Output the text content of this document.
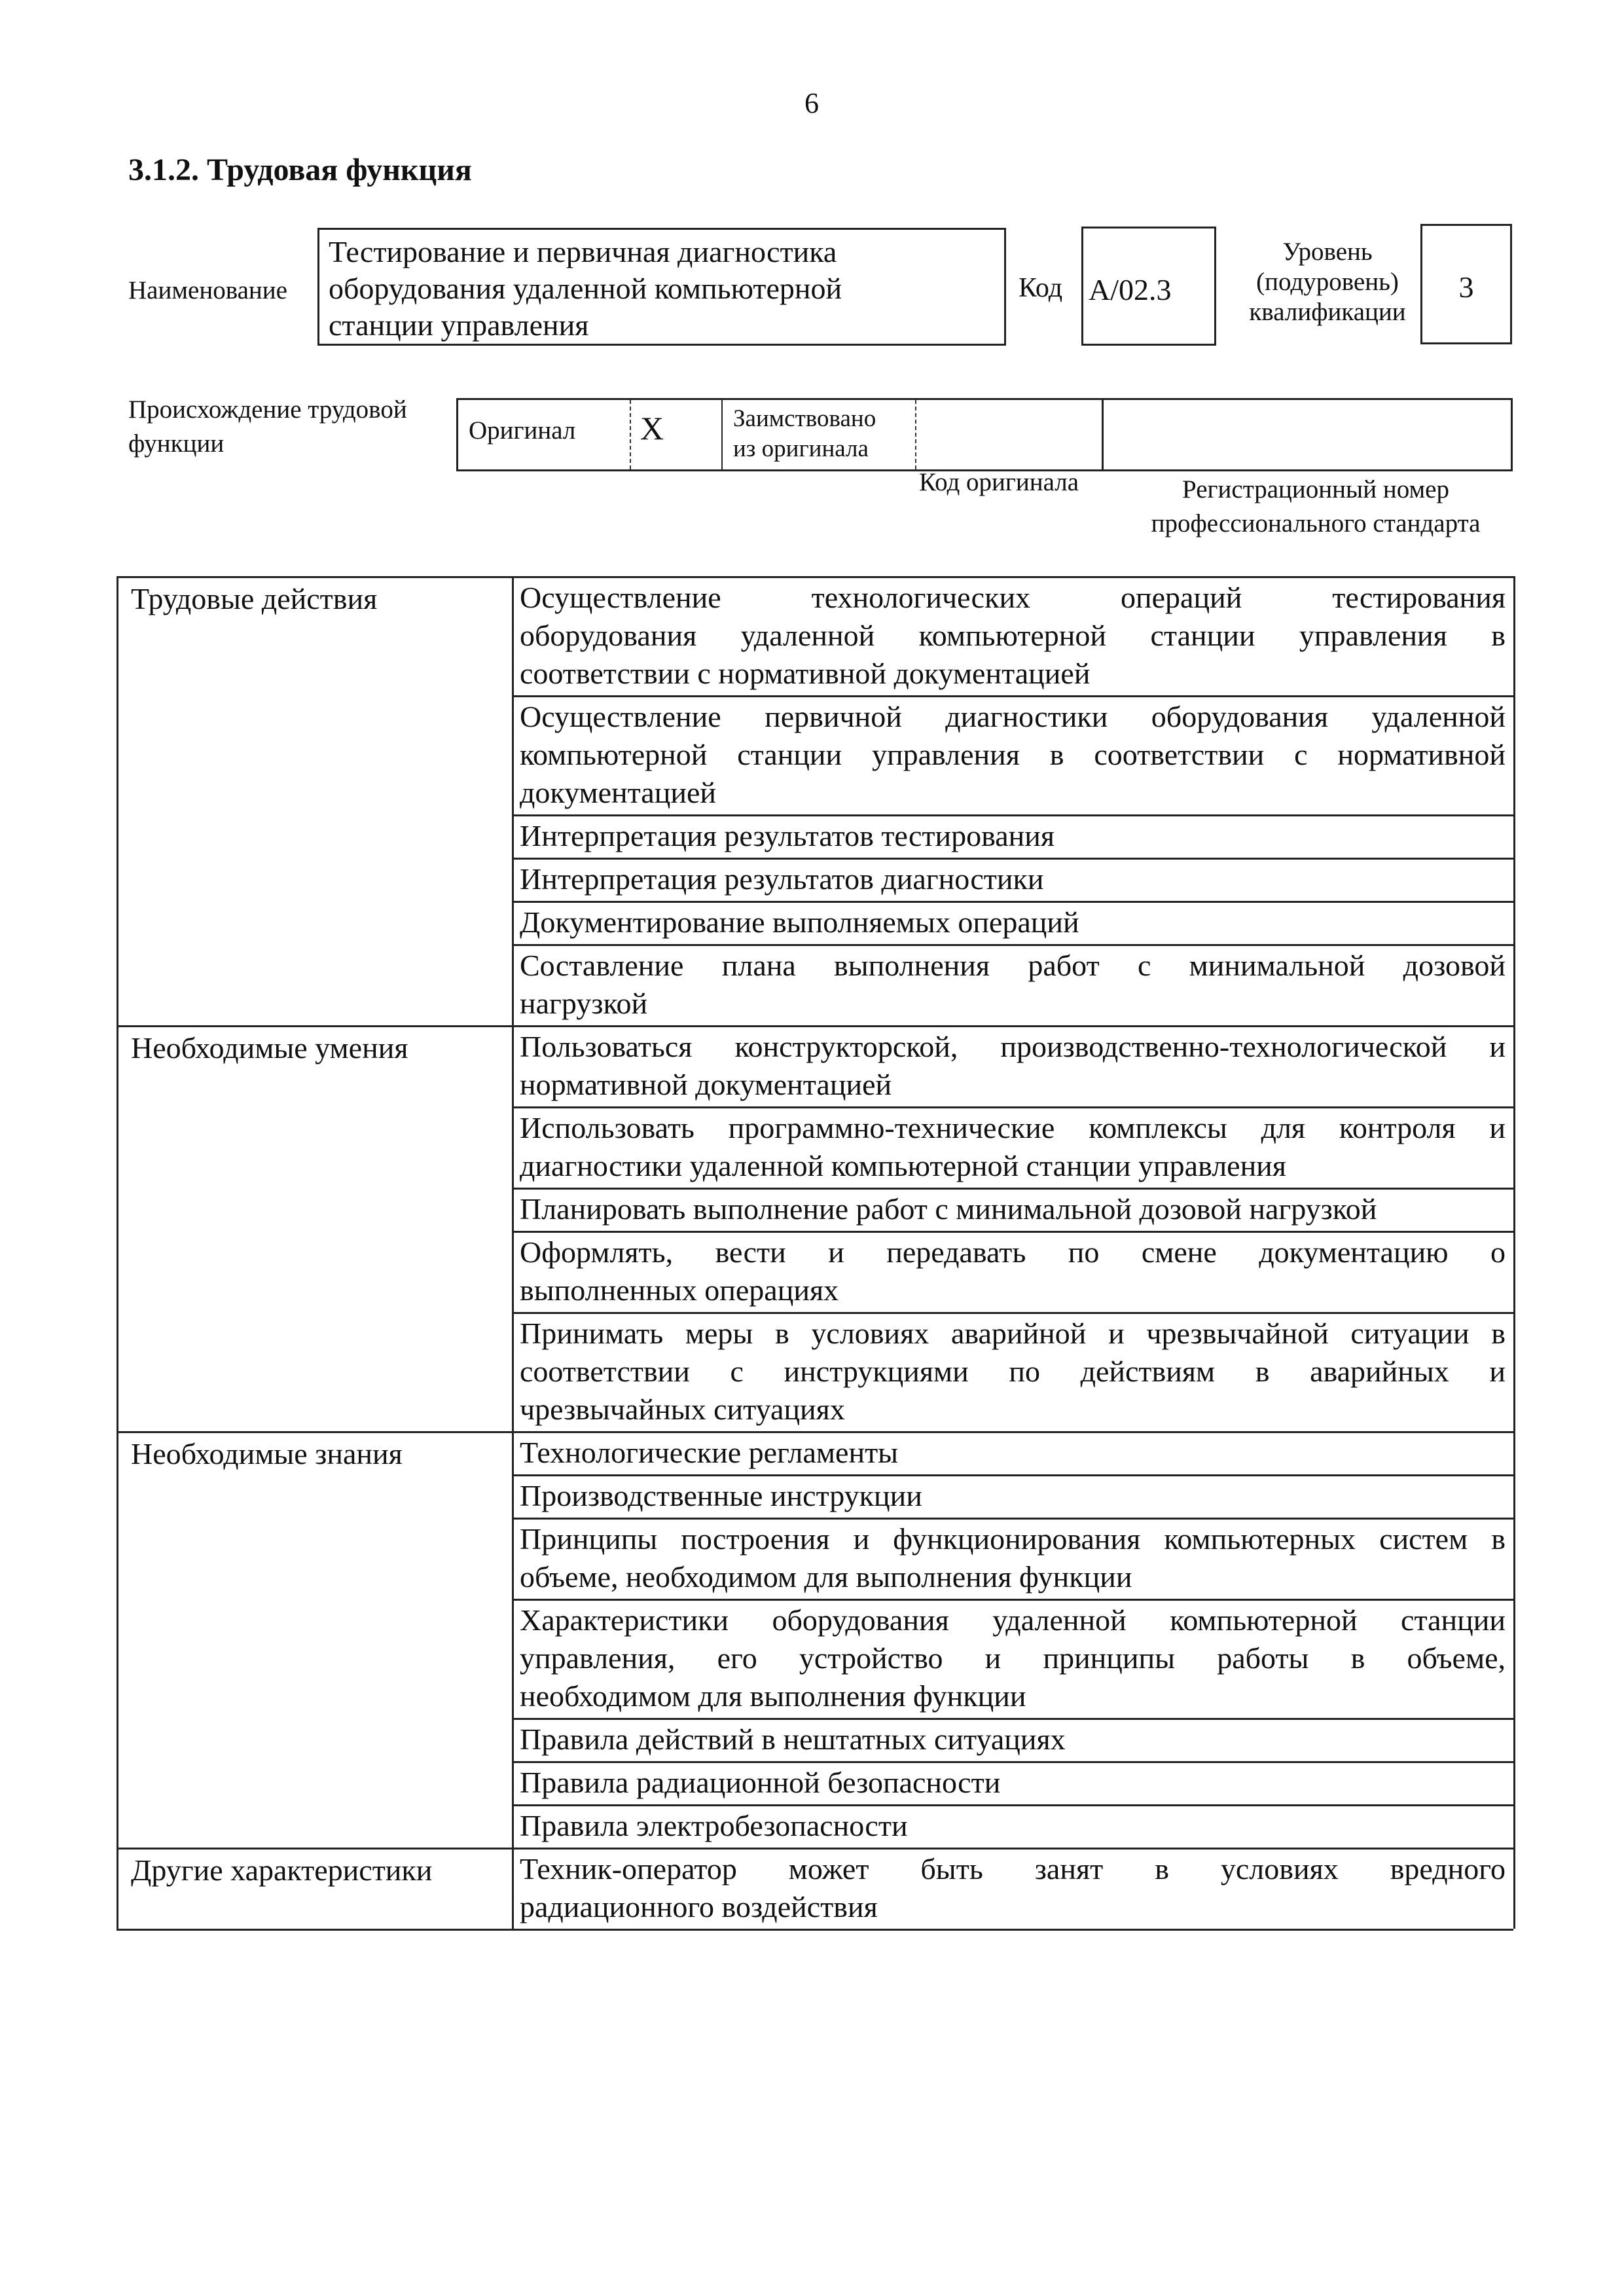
6
3.1.2. Трудовая функция
Наименование
Тестирование и первичная диагностика
оборудования удаленной компьютерной
станции управления
Код A/02.3
Уровень
(подуровень)
квалификации
3
Происхождение трудовой
функции	Оригинал	X	Заимствовано
из оригинала
Код оригинала	Регистрационный номер
профессионального стандарта
Трудовые действия	Осуществление технологических операций тестирования
оборудования удаленной компьютерной станции управления в
соответствии с нормативной документацией
Осуществление первичной диагностики оборудования удаленной
компьютерной станции управления в соответствии с нормативной
документацией
Интерпретация результатов тестирования
Интерпретация результатов диагностики
Документирование выполняемых операций
Составление плана выполнения работ с минимальной дозовой
нагрузкой
Необходимые умения	Пользоваться конструкторской, производственно-технологической и
нормативной документацией
Использовать программно-технические комплексы для контроля и
диагностики удаленной компьютерной станции управления
Планировать выполнение работ с минимальной дозовой нагрузкой
Оформлять, вести и передавать по смене документацию о
выполненных операциях
Принимать меры в условиях аварийной и чрезвычайной ситуации в
соответствии с инструкциями по действиям в аварийных и
чрезвычайных ситуациях
Необходимые знания	Технологические регламенты
Производственные инструкции
Принципы построения и функционирования компьютерных систем в
объеме, необходимом для выполнения функции
Характеристики оборудования удаленной компьютерной станции
управления, его устройство и принципы работы в объеме,
необходимом для выполнения функции
Правила действий в нештатных ситуациях
Правила радиационной безопасности
Правила электробезопасности
Другие характеристики	Техник-оператор может быть занят в условиях вредного
радиационного воздействия
